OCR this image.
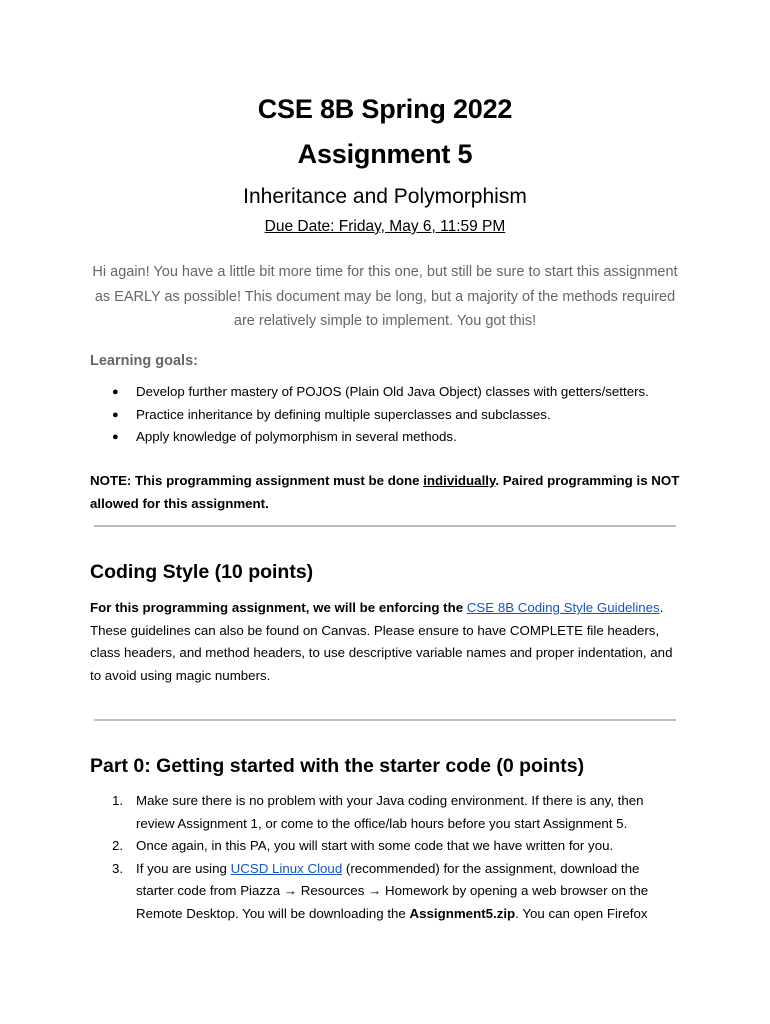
CSE 8B Spring 2022
Assignment 5
Inheritance and Polymorphism
Due Date: Friday, May 6, 11:59 PM
Hi again! You have a little bit more time for this one, but still be sure to start this assignment as EARLY as possible! This document may be long, but a majority of the methods required are relatively simple to implement. You got this!
Learning goals:
● Develop further mastery of POJOS (Plain Old Java Object) classes with getters/setters.
● Practice inheritance by defining multiple superclasses and subclasses.
● Apply knowledge of polymorphism in several methods.
NOTE: This programming assignment must be done individually. Paired programming is NOT allowed for this assignment.
Coding Style (10 points)
For this programming assignment, we will be enforcing the CSE 8B Coding Style Guidelines. These guidelines can also be found on Canvas. Please ensure to have COMPLETE file headers, class headers, and method headers, to use descriptive variable names and proper indentation, and to avoid using magic numbers.
Part 0: Getting started with the starter code (0 points)
1. Make sure there is no problem with your Java coding environment. If there is any, then review Assignment 1, or come to the office/lab hours before you start Assignment 5.
2. Once again, in this PA, you will start with some code that we have written for you.
3. If you are using UCSD Linux Cloud (recommended) for the assignment, download the starter code from Piazza → Resources → Homework by opening a web browser on the Remote Desktop. You will be downloading the Assignment5.zip. You can open Firefox
